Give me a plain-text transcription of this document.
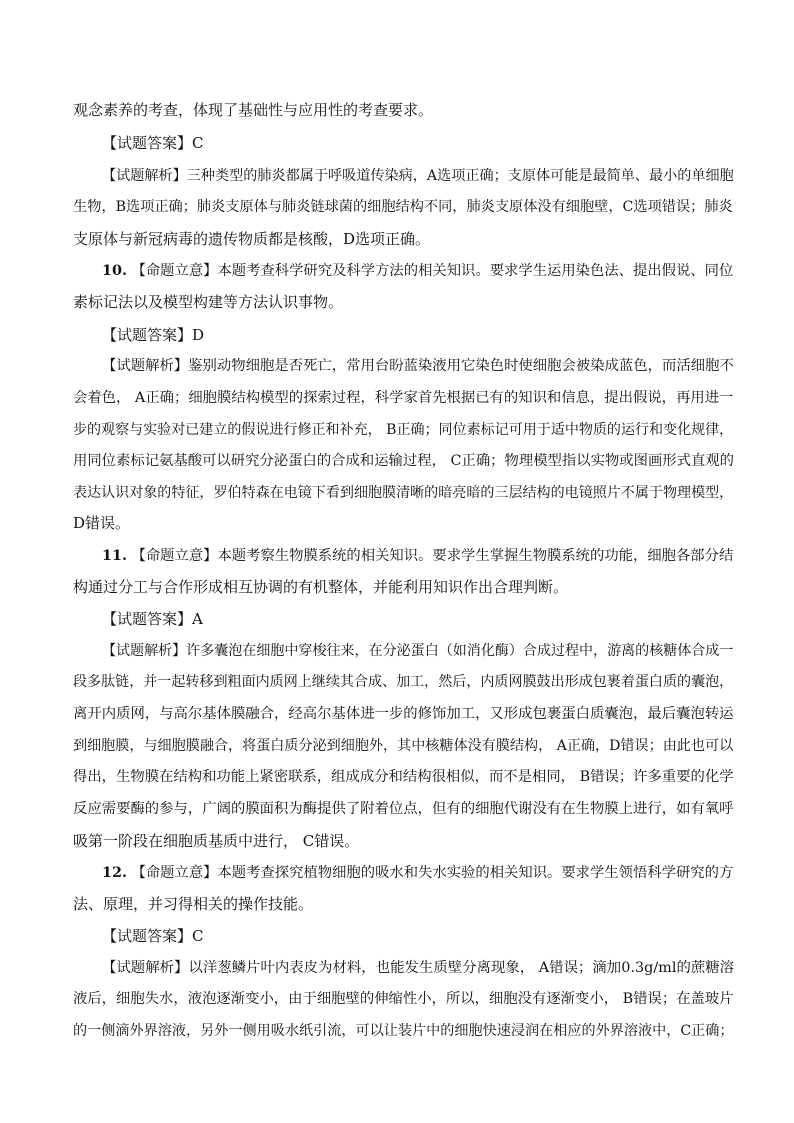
观念素养的考查，体现了基础性与应用性的考查要求。
【试题答案】C
【试题解析】三种类型的肺炎都属于呼吸道传染病，A选项正确；支原体可能是最简单、最小的单细胞
生物，B选项正确；肺炎支原体与肺炎链球菌的细胞结构不同，肺炎支原体没有细胞壁，C选项错误；肺炎
支原体与新冠病毒的遗传物质都是核酸，D选项正确。
10. 【命题立意】本题考查科学研究及科学方法的相关知识。要求学生运用染色法、提出假说、同位
素标记法以及模型构建等方法认识事物。
【试题答案】D
【试题解析】鉴别动物细胞是否死亡，常用台盼蓝染液用它染色时使细胞会被染成蓝色，而活细胞不
会着色， A正确；细胞膜结构模型的探索过程，科学家首先根据已有的知识和信息，提出假说，再用进一
步的观察与实验对已建立的假说进行修正和补充， B正确；同位素标记可用于适中物质的运行和变化规律，
用同位素标记氨基酸可以研究分泌蛋白的合成和运输过程， C正确；物理模型指以实物或图画形式直观的
表达认识对象的特征，罗伯特森在电镜下看到细胞膜清晰的暗亮暗的三层结构的电镜照片不属于物理模型，
D错误。
11. 【命题立意】本题考察生物膜系统的相关知识。要求学生掌握生物膜系统的功能，细胞各部分结
构通过分工与合作形成相互协调的有机整体，并能利用知识作出合理判断。
【试题答案】A
【试题解析】许多囊泡在细胞中穿梭往来，在分泌蛋白（如消化酶）合成过程中，游离的核糖体合成一
段多肽链，并一起转移到粗面内质网上继续其合成、加工，然后，内质网膜鼓出形成包裹着蛋白质的囊泡，
离开内质网，与高尔基体膜融合，经高尔基体进一步的修饰加工，又形成包裹蛋白质囊泡，最后囊泡转运
到细胞膜，与细胞膜融合，将蛋白质分泌到细胞外，其中核糖体没有膜结构， A正确，D错误；由此也可以
得出，生物膜在结构和功能上紧密联系，组成成分和结构很相似，而不是相同， B错误；许多重要的化学
反应需要酶的参与，广阔的膜面积为酶提供了附着位点，但有的细胞代谢没有在生物膜上进行，如有氧呼
吸第一阶段在细胞质基质中进行， C错误。
12. 【命题立意】本题考查探究植物细胞的吸水和失水实验的相关知识。要求学生领悟科学研究的方
法、原理，并习得相关的操作技能。
【试题答案】C
【试题解析】以洋葱鳞片叶内表皮为材料，也能发生质壁分离现象， A错误；滴加0.3g/ml的蔗糖溶
液后，细胞失水，液泡逐渐变小，由于细胞壁的伸缩性小，所以，细胞没有逐渐变小， B错误；在盖玻片
的一侧滴外界溶液，另外一侧用吸水纸引流，可以让装片中的细胞快速浸润在相应的外界溶液中，C正确；
